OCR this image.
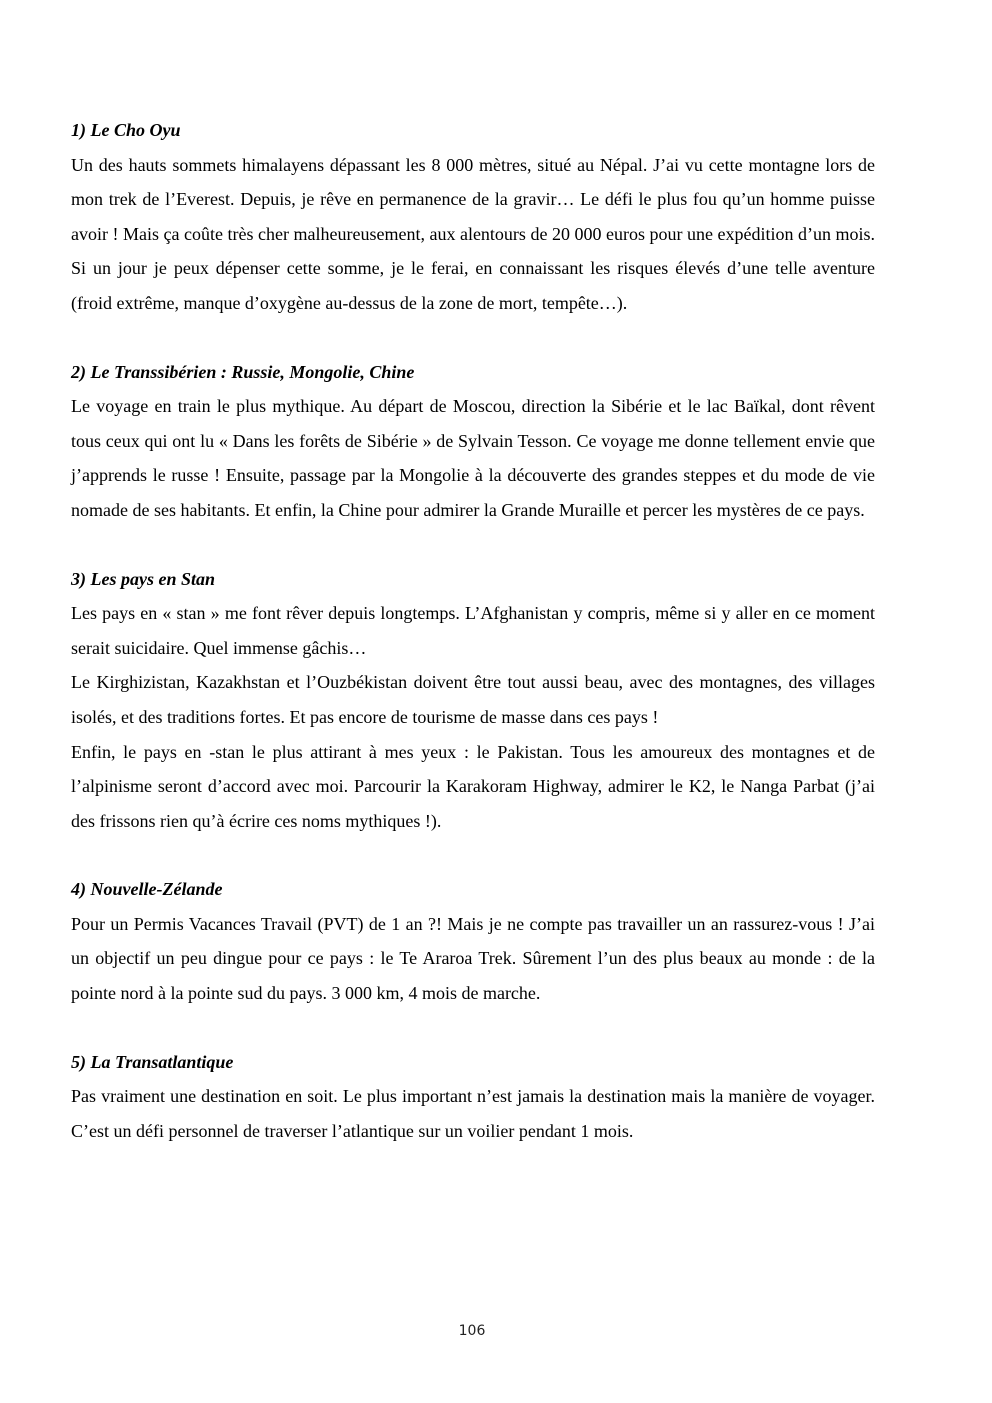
1) Le Cho Oyu

Un des hauts sommets himalayens dépassant les 8 000 mètres, situé au Népal. J’ai vu cette montagne lors de mon trek de l’Everest. Depuis, je rêve en permanence de la gravir… Le défi le plus fou qu’un homme puisse avoir ! Mais ça coûte très cher malheureusement, aux alentours de 20 000 euros pour une expédition d’un mois. Si un jour je peux dépenser cette somme, je le ferai, en connaissant les risques élevés d’une telle aventure (froid extrême, manque d’oxygène au-dessus de la zone de mort, tempête…).

2) Le Transsibérien : Russie, Mongolie, Chine

Le voyage en train le plus mythique. Au départ de Moscou, direction la Sibérie et le lac Baïkal, dont rêvent tous ceux qui ont lu « Dans les forêts de Sibérie » de Sylvain Tesson. Ce voyage me donne tellement envie que j’apprends le russe ! Ensuite, passage par la Mongolie à la découverte des grandes steppes et du mode de vie nomade de ses habitants. Et enfin, la Chine pour admirer la Grande Muraille et percer les mystères de ce pays.

3) Les pays en Stan

Les pays en « stan » me font rêver depuis longtemps. L’Afghanistan y compris, même si y aller en ce moment serait suicidaire. Quel immense gâchis…

Le Kirghizistan, Kazakhstan et l’Ouzbékistan doivent être tout aussi beau, avec des montagnes, des villages isolés, et des traditions fortes. Et pas encore de tourisme de masse dans ces pays !

Enfin, le pays en -stan le plus attirant à mes yeux : le Pakistan. Tous les amoureux des montagnes et de l’alpinisme seront d’accord avec moi. Parcourir la Karakoram Highway, admirer le K2, le Nanga Parbat (j’ai des frissons rien qu’à écrire ces noms mythiques !).

4) Nouvelle-Zélande

Pour un Permis Vacances Travail (PVT) de 1 an ?! Mais je ne compte pas travailler un an rassurez-vous ! J’ai un objectif un peu dingue pour ce pays : le Te Araroa Trek. Sûrement l’un des plus beaux au monde : de la pointe nord à la pointe sud du pays. 3 000 km, 4 mois de marche.

5) La Transatlantique

Pas vraiment une destination en soit. Le plus important n’est jamais la destination mais la manière de voyager. C’est un défi personnel de traverser l’atlantique sur un voilier pendant 1 mois.

106
